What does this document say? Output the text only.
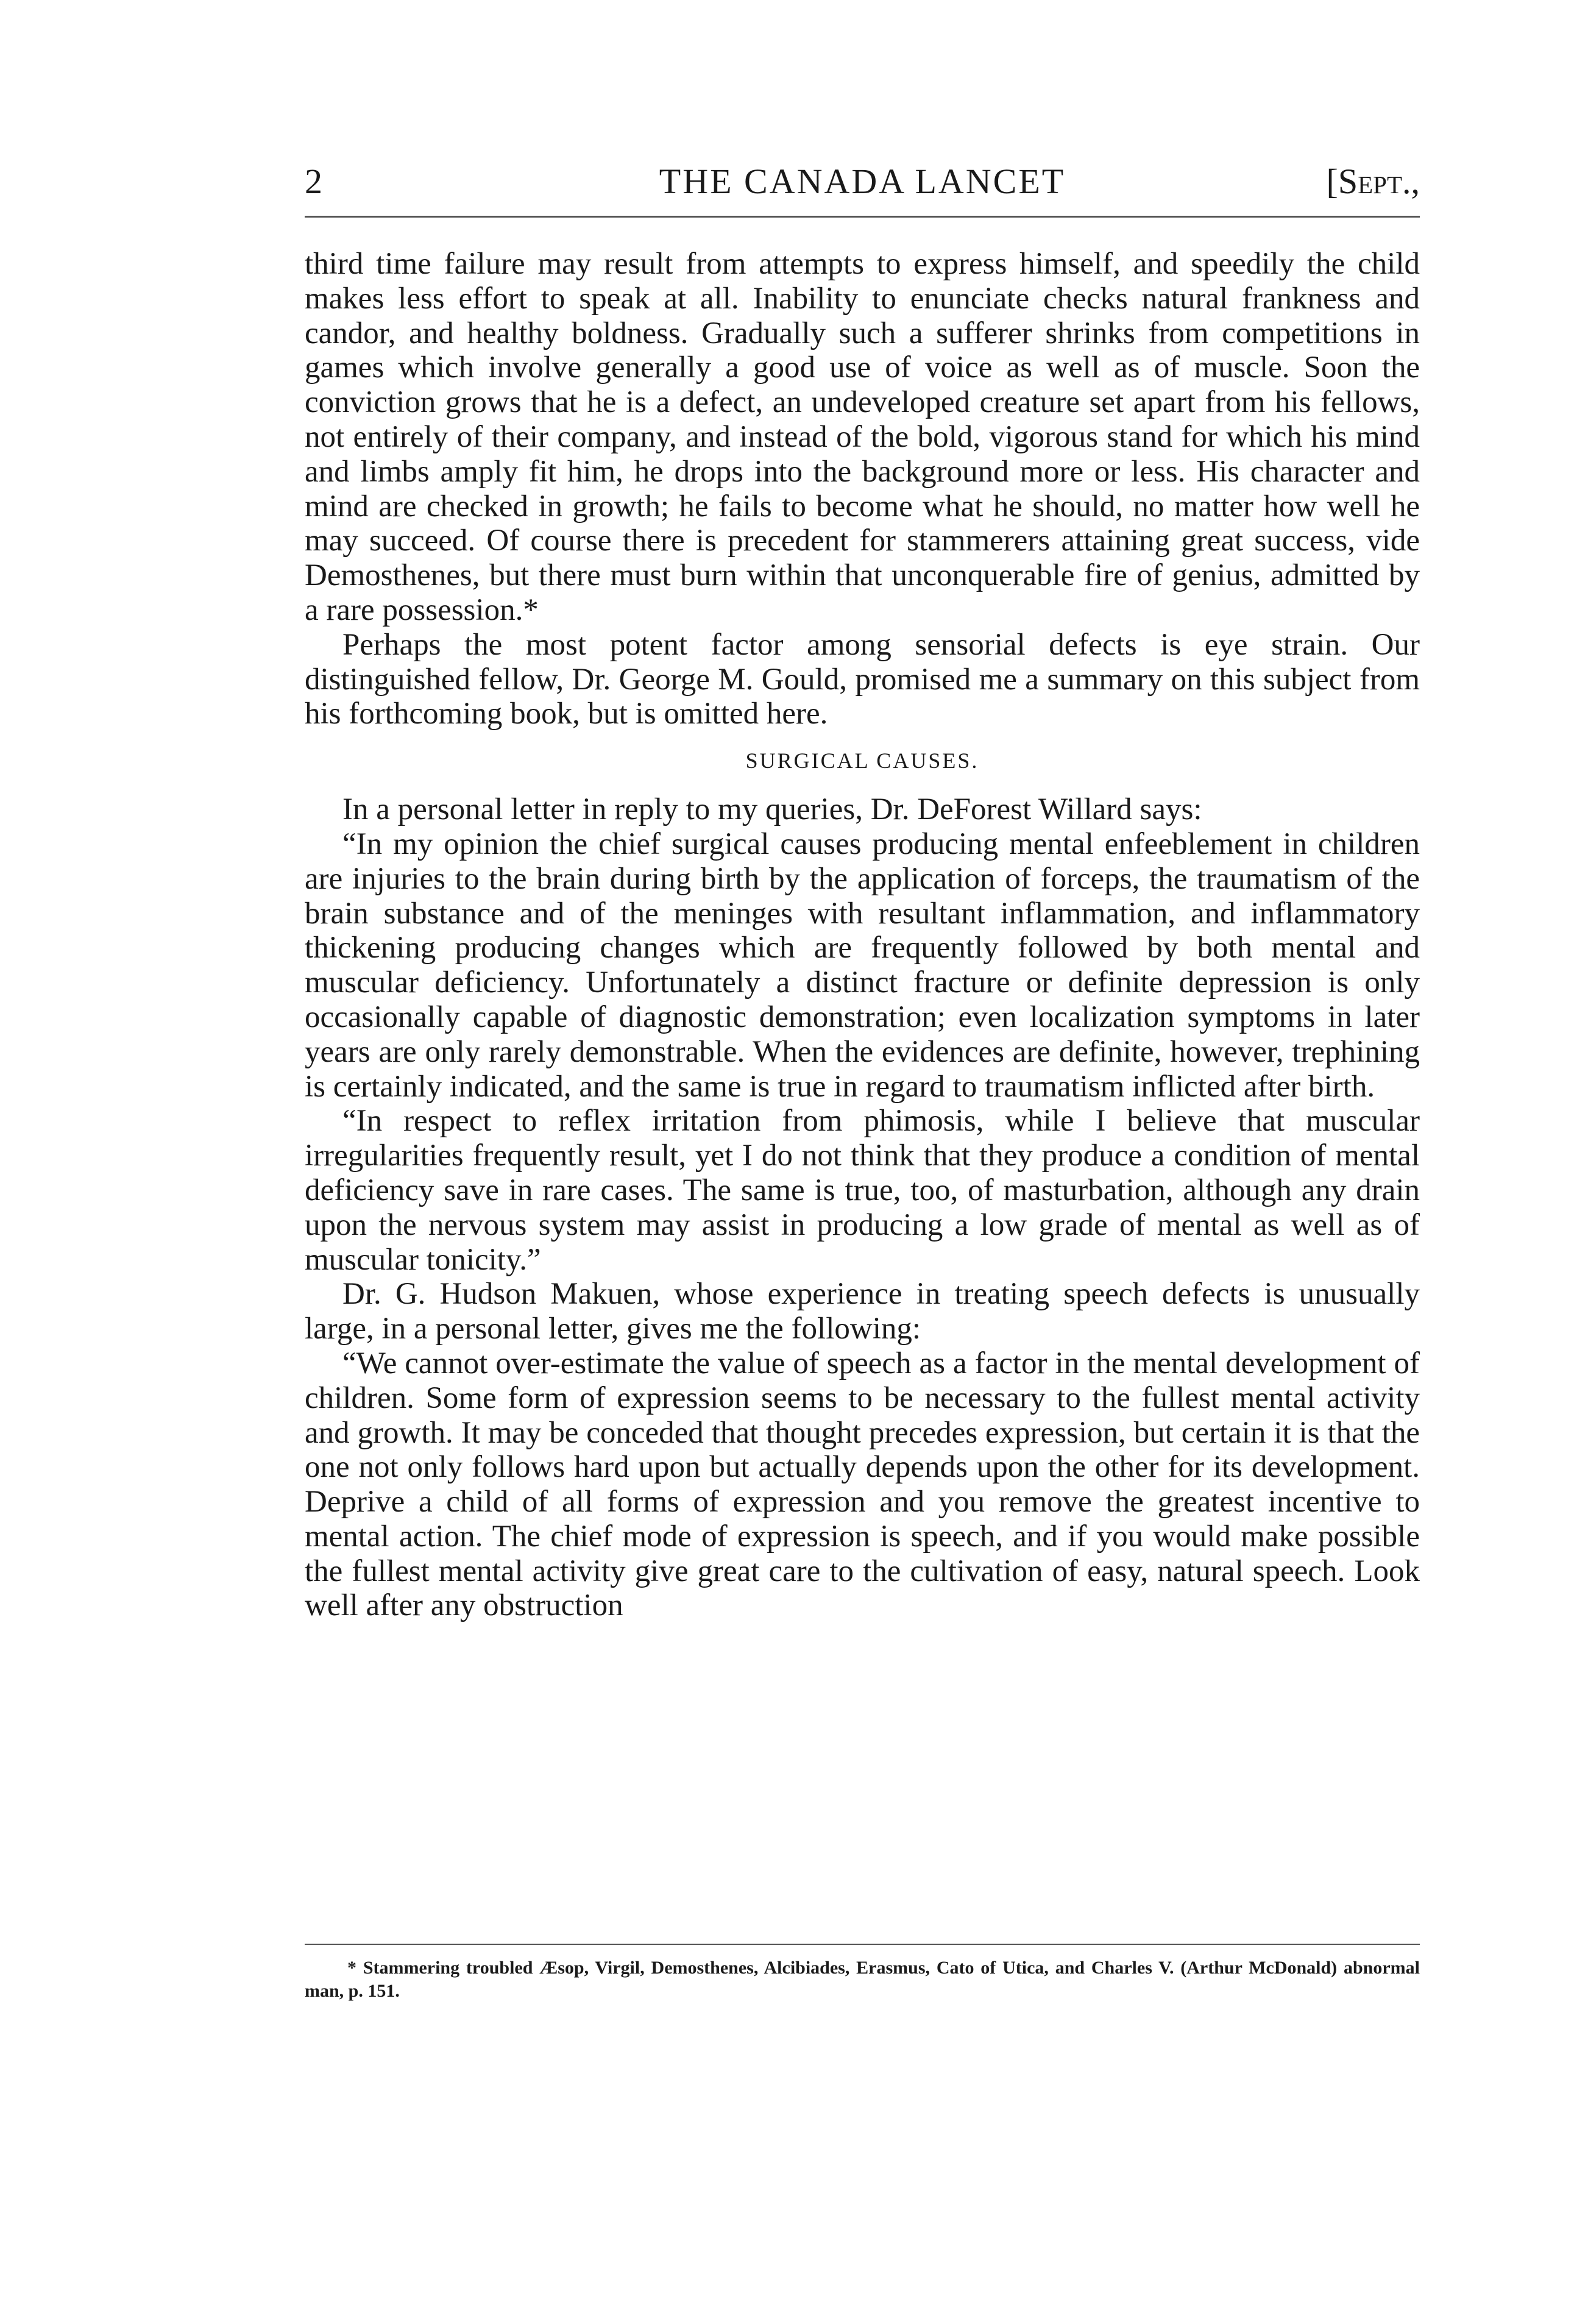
2	THE CANADA LANCET	[Sept.,

third time failure may result from attempts to express himself, and speedily the child makes less effort to speak at all. Inability to enunciate checks natural frankness and candor, and healthy boldness. Gradually such a sufferer shrinks from competitions in games which involve generally a good use of voice as well as of muscle. Soon the conviction grows that he is a defect, an undeveloped creature set apart from his fellows, not entirely of their company, and instead of the bold, vigorous stand for which his mind and limbs amply fit him, he drops into the background more or less. His character and mind are checked in growth; he fails to become what he should, no matter how well he may succeed. Of course there is precedent for stammerers attaining great success, vide Demosthenes, but there must burn within that unconquerable fire of genius, admitted by a rare possession.*

Perhaps the most potent factor among sensorial defects is eye strain. Our distinguished fellow, Dr. George M. Gould, promised me a summary on this subject from his forthcoming book, but is omitted here.

SURGICAL CAUSES.

In a personal letter in reply to my queries, Dr. DeForest Willard says:

“In my opinion the chief surgical causes producing mental enfeeblement in children are injuries to the brain during birth by the application of forceps, the traumatism of the brain substance and of the meninges with resultant inflammation, and inflammatory thickening producing changes which are frequently followed by both mental and muscular deficiency. Unfortunately a distinct fracture or definite depression is only occasionally capable of diagnostic demonstration; even localization symptoms in later years are only rarely demonstrable. When the evidences are definite, however, trephining is certainly indicated, and the same is true in regard to traumatism inflicted after birth.

“In respect to reflex irritation from phimosis, while I believe that muscular irregularities frequently result, yet I do not think that they produce a condition of mental deficiency save in rare cases. The same is true, too, of masturbation, although any drain upon the nervous system may assist in producing a low grade of mental as well as of muscular tonicity.”

Dr. G. Hudson Makuen, whose experience in treating speech defects is unusually large, in a personal letter, gives me the following:

“We cannot over-estimate the value of speech as a factor in the mental development of children. Some form of expression seems to be necessary to the fullest mental activity and growth. It may be conceded that thought precedes expression, but certain it is that the one not only follows hard upon but actually depends upon the other for its development. Deprive a child of all forms of expression and you remove the greatest incentive to mental action. The chief mode of expression is speech, and if you would make possible the fullest mental activity give great care to the cultivation of easy, natural speech. Look well after any obstruction

* Stammering troubled Æsop, Virgil, Demosthenes, Alcibiades, Erasmus, Cato of Utica, and Charles V. (Arthur McDonald) abnormal man, p. 151.
